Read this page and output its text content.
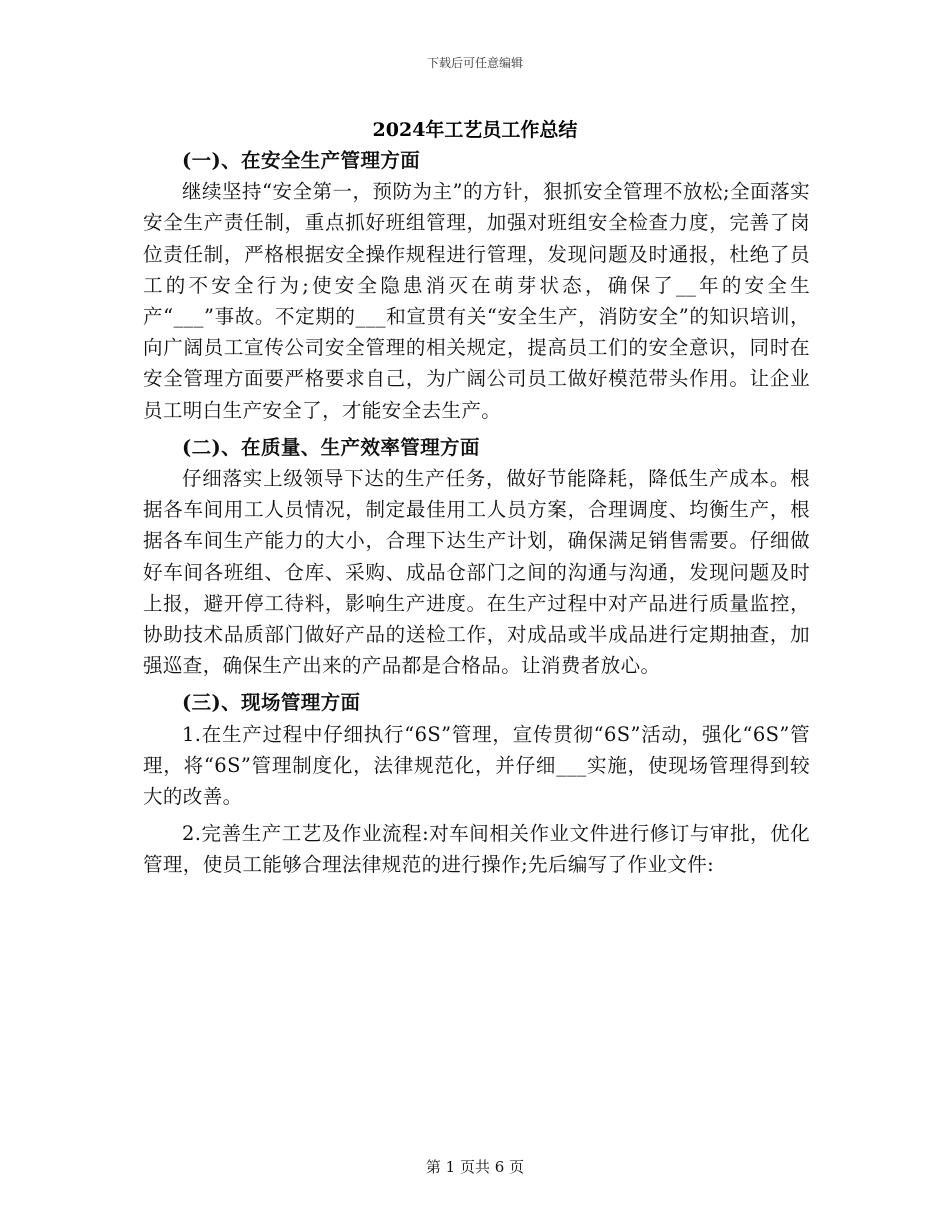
下载后可任意编辑
2024年工艺员工作总结
(一)、在安全生产管理方面

继续坚持“安全第一，预防为主”的方针，狠抓安全管理不放松;全面落实安全生产责任制，重点抓好班组管理，加强对班组安全检查力度，完善了岗位责任制，严格根据安全操作规程进行管理，发现问题及时通报，杜绝了员工的不安全行为;使安全隐患消灭在萌芽状态，确保了__年的安全生产“___”事故。不定期的___和宣贯有关“安全生产，消防安全”的知识培训，向广阔员工宣传公司安全管理的相关规定，提高员工们的安全意识，同时在安全管理方面要严格要求自己，为广阔公司员工做好模范带头作用。让企业员工明白生产安全了，才能安全去生产。

(二)、在质量、生产效率管理方面

仔细落实上级领导下达的生产任务，做好节能降耗，降低生产成本。根据各车间用工人员情况，制定最佳用工人员方案，合理调度、均衡生产，根据各车间生产能力的大小，合理下达生产计划，确保满足销售需要。仔细做好车间各班组、仓库、采购、成品仓部门之间的沟通与沟通，发现问题及时上报，避开停工待料，影响生产进度。在生产过程中对产品进行质量监控，协助技术品质部门做好产品的送检工作，对成品或半成品进行定期抽查，加强巡查，确保生产出来的产品都是合格品。让消费者放心。

(三)、现场管理方面

1.在生产过程中仔细执行“6S”管理，宣传贯彻“6S”活动，强化“6S”管理，将“6S”管理制度化，法律规范化，并仔细___实施，使现场管理得到较大的改善。

2.完善生产工艺及作业流程:对车间相关作业文件进行修订与审批，优化管理，使员工能够合理法律规范的进行操作;先后编写了作业文件:

第 1 页共 6 页
